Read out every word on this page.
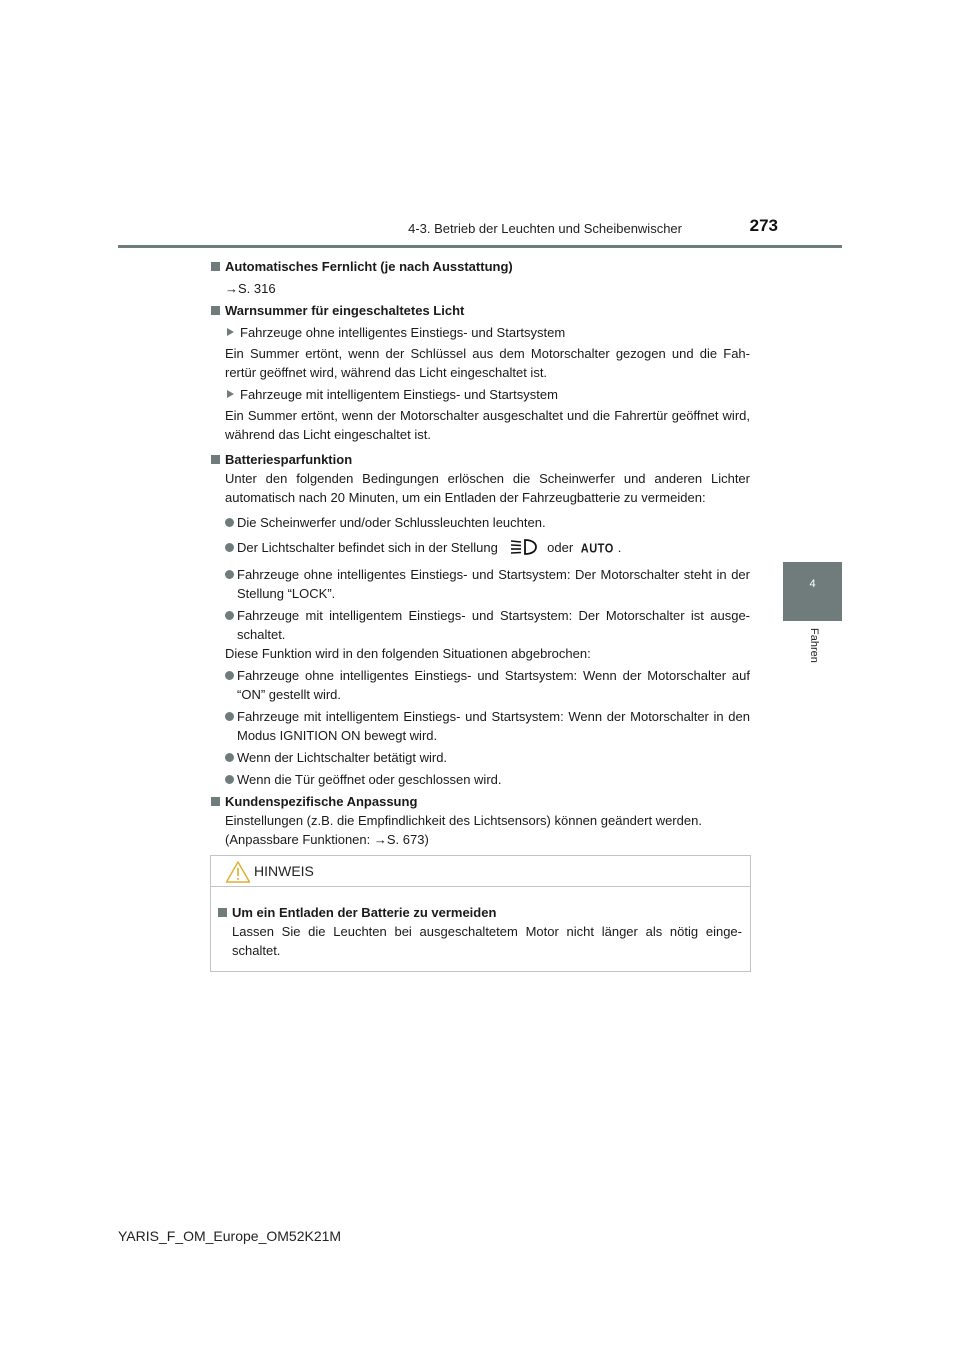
4-3. Betrieb der Leuchten und Scheibenwischer	273
4
Fahren
Automatisches Fernlicht (je nach Ausstattung)
→S. 316
Warnsummer für eingeschaltetes Licht
Fahrzeuge ohne intelligentes Einstiegs- und Startsystem
Ein Summer ertönt, wenn der Schlüssel aus dem Motorschalter gezogen und die Fah-rertür geöffnet wird, während das Licht eingeschaltet ist.
Fahrzeuge mit intelligentem Einstiegs- und Startsystem
Ein Summer ertönt, wenn der Motorschalter ausgeschaltet und die Fahrertür geöffnet wird, während das Licht eingeschaltet ist.
Batteriesparfunktion
Unter den folgenden Bedingungen erlöschen die Scheinwerfer und anderen Lichter automatisch nach 20 Minuten, um ein Entladen der Fahrzeugbatterie zu vermeiden:
Die Scheinwerfer und/oder Schlussleuchten leuchten.
Der Lichtschalter befindet sich in der Stellung	oder AUTO .
Fahrzeuge ohne intelligentes Einstiegs- und Startsystem: Der Motorschalter steht in der Stellung “LOCK”.
Fahrzeuge mit intelligentem Einstiegs- und Startsystem: Der Motorschalter ist ausge-schaltet.
Diese Funktion wird in den folgenden Situationen abgebrochen:
Fahrzeuge ohne intelligentes Einstiegs- und Startsystem: Wenn der Motorschalter auf “ON” gestellt wird.
Fahrzeuge mit intelligentem Einstiegs- und Startsystem: Wenn der Motorschalter in den Modus IGNITION ON bewegt wird.
Wenn der Lichtschalter betätigt wird.
Wenn die Tür geöffnet oder geschlossen wird.
Kundenspezifische Anpassung
Einstellungen (z.B. die Empfindlichkeit des Lichtsensors) können geändert werden.
(Anpassbare Funktionen: →S. 673)
HINWEIS
Um ein Entladen der Batterie zu vermeiden
Lassen Sie die Leuchten bei ausgeschaltetem Motor nicht länger als nötig einge-schaltet.
YARIS_F_OM_Europe_OM52K21M
